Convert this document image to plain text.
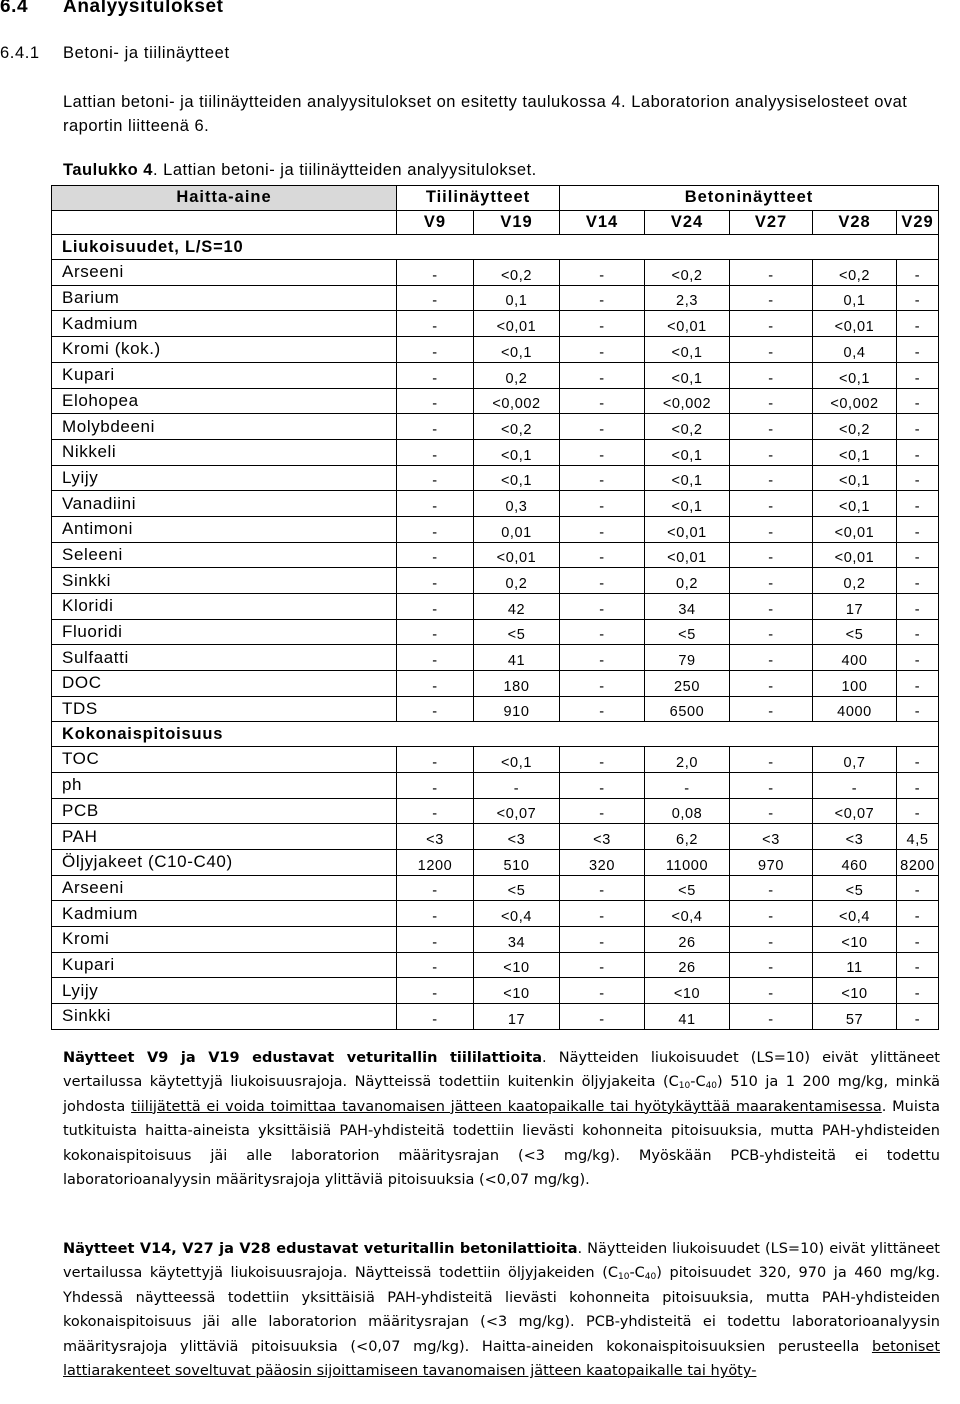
6.4 Analyysitulokset
6.4.1 Betoni- ja tiilinäytteet
Lattian betoni- ja tiilinäytteiden analyysitulokset on esitetty taulukossa 4. Laboratorion analyysiselosteet ovat raportin liitteenä 6.
Taulukko 4. Lattian betoni- ja tiilinäytteiden analyysitulokset.
Haitta-aine	Tiilinäytteet		Betoninäytteet				
	V9	V19	V14	V24	V27	V28	V29
Liukoisuudet, L/S=10							
Arseeni	-	<0,2	-	<0,2	-	<0,2	-
Barium	-	0,1	-	2,3	-	0,1	-
Kadmium	-	<0,01	-	<0,01	-	<0,01	-
Kromi (kok.)	-	<0,1	-	<0,1	-	0,4	-
Kupari	-	0,2	-	<0,1	-	<0,1	-
Elohopea	-	<0,002	-	<0,002	-	<0,002	-
Molybdeeni	-	<0,2	-	<0,2	-	<0,2	-
Nikkeli	-	<0,1	-	<0,1	-	<0,1	-
Lyijy	-	<0,1	-	<0,1	-	<0,1	-
Vanadiini	-	0,3	-	<0,1	-	<0,1	-
Antimoni	-	0,01	-	<0,01	-	<0,01	-
Seleeni	-	<0,01	-	<0,01	-	<0,01	-
Sinkki	-	0,2	-	0,2	-	0,2	-
Kloridi	-	42	-	34	-	17	-
Fluoridi	-	<5	-	<5	-	<5	-
Sulfaatti	-	41	-	79	-	400	-
DOC	-	180	-	250	-	100	-
TDS	-	910	-	6500	-	4000	-
Kokonaispitoisuus							
TOC	-	<0,1	-	2,0	-	0,7	-
ph	-	-	-	-	-	-	-
PCB	-	<0,07	-	0,08	-	<0,07	-
PAH	<3	<3	<3	6,2	<3	<3	4,5
Öljyjakeet (C10-C40)	1200	510	320	11000	970	460	8200
Arseeni	-	<5	-	<5	-	<5	-
Kadmium	-	<0,4	-	<0,4	-	<0,4	-
Kromi	-	34	-	26	-	<10	-
Kupari	-	<10	-	26	-	11	-
Lyijy	-	<10	-	<10	-	<10	-
Sinkki	-	17	-	41	-	57	-
Näytteet V9 ja V19 edustavat veturitallin tiililattioita. Näytteiden liukoisuudet (LS=10) eivät ylittäneet vertailussa käytettyjä liukoisuusrajoja. Näytteissä todettiin kuitenkin öljyjakeita $(C_{10}-C_{40})$ 510 ja 1 200 mg/kg, minkä johdosta tiilijätettä ei voida toimittaa tavanomaisen jätteen kaatopaikalle tai hyötykäyttää maarakentamisessa. Muista tutkituista haitta-aineista yksittäisiä PAH-yhdisteitä todettiin lievästi kohonneita pitoisuuksia, mutta PAH-yhdisteiden kokonaispitoisuus jäi alle laboratorion määritysrajan (<3 mg/kg). Myöskään PCB-yhdisteitä ei todettu laboratorioanalyysin määritysrajoja ylittäviä pitoisuuksia (<0,07 mg/kg).
Näytteet V14, V27 ja V28 edustavat veturitallin betonilattioita. Näytteiden liukoisuudet (LS=10) eivät ylittäneet vertailussa käytettyjä liukoisuusrajoja. Näytteissä todettiin öljyjakeiden $(C_{10}-C_{40})$ pitoisuudet 320, 970 ja 460 mg/kg. Yhdessä näytteessä todettiin yksittäisiä PAH-yhdisteitä lievästi kohonneita pitoisuuksia, mutta PAH-yhdisteiden kokonaispitoisuus jäi alle laboratorion määritysrajan (<3 mg/kg). PCB-yhdisteitä ei todettu laboratorioanalyysin määritysrajoja ylittäviä pitoisuuksia (<0,07 mg/kg). Haitta-aineiden kokonaispitoisuuksien perusteella betoniset lattiarakenteet soveltuvat pääosin sijoittamiseen tavanomaisen jätteen kaatopaikalle tai hyöty-
